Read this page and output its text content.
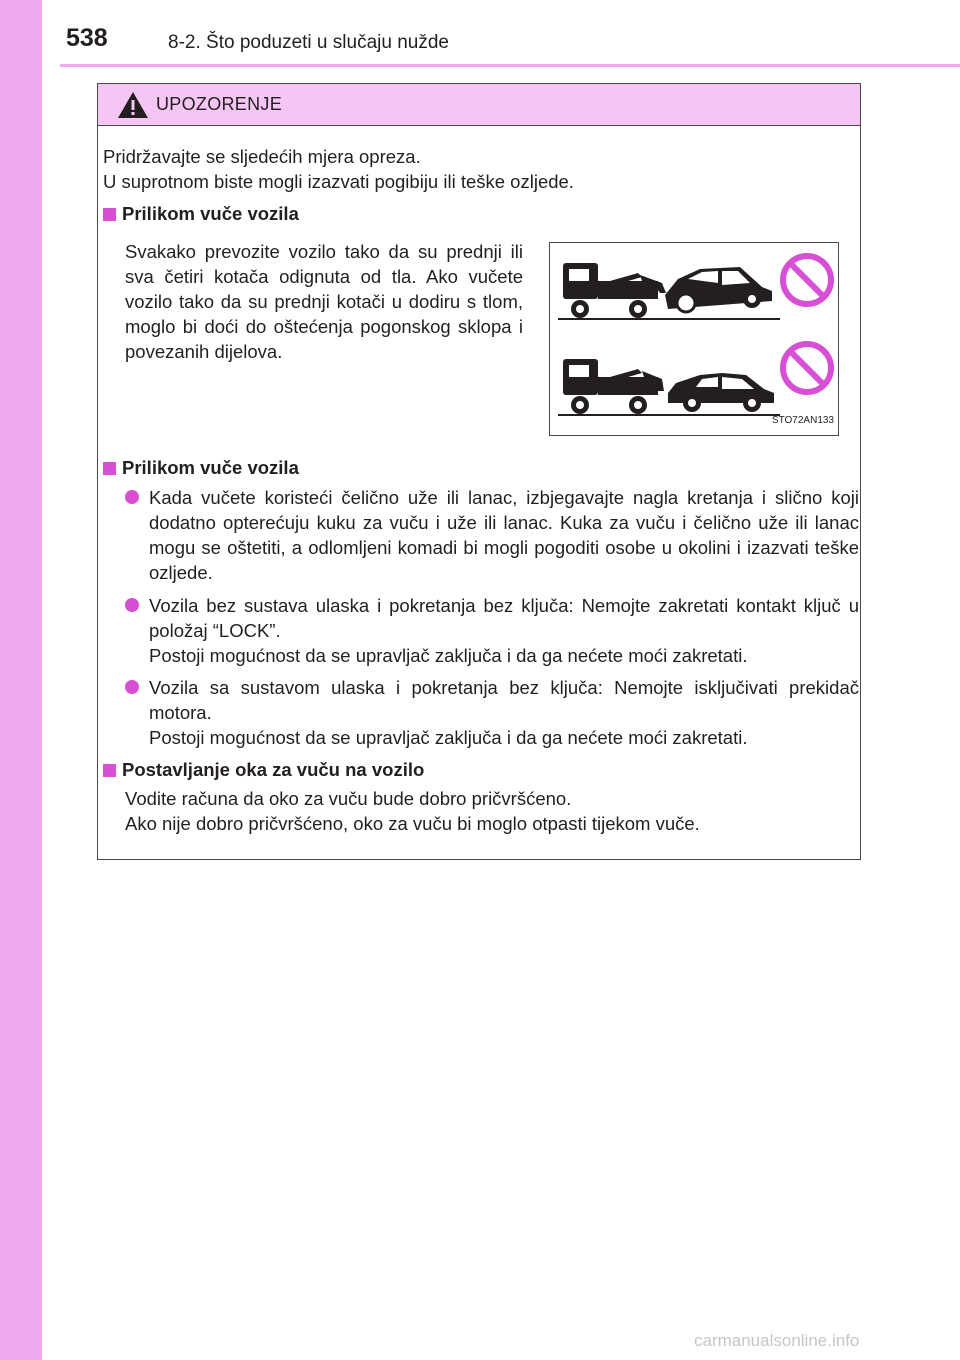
538	8-2. Što poduzeti u slučaju nužde
UPOZORENJE

Pridržavajte se sljedećih mjera opreza.
U suprotnom biste mogli izazvati pogibiju ili teške ozljede.

Prilikom vuče vozila

Svakako prevozite vozilo tako da su prednji ili sva četiri kotača odignuta od tla. Ako vučete vozilo tako da su prednji kotači u dodiru s tlom, moglo bi doći do oštećenja pogonskog sklopa i povezanih dijelova.

STO72AN133
Prilikom vuče vozila
Kada vučete koristeći čelično uže ili lanac, izbjegavajte nagla kretanja i slično koji dodatno opterećuju kuku za vuču i uže ili lanac. Kuka za vuču i čelično uže ili lanac mogu se oštetiti, a odlomljeni komadi bi mogli pogoditi osobe u okolini i izazvati teške ozljede.
Vozila bez sustava ulaska i pokretanja bez ključa: Nemojte zakretati kontakt ključ u položaj “LOCK”.
Postoji mogućnost da se upravljač zaključa i da ga nećete moći zakretati.
Vozila sa sustavom ulaska i pokretanja bez ključa: Nemojte isključivati prekidač motora.
Postoji mogućnost da se upravljač zaključa i da ga nećete moći zakretati.
Postavljanje oka za vuču na vozilo

Vodite računa da oko za vuču bude dobro pričvršćeno.
Ako nije dobro pričvršćeno, oko za vuču bi moglo otpasti tijekom vuče.

carmanualsonline.info
